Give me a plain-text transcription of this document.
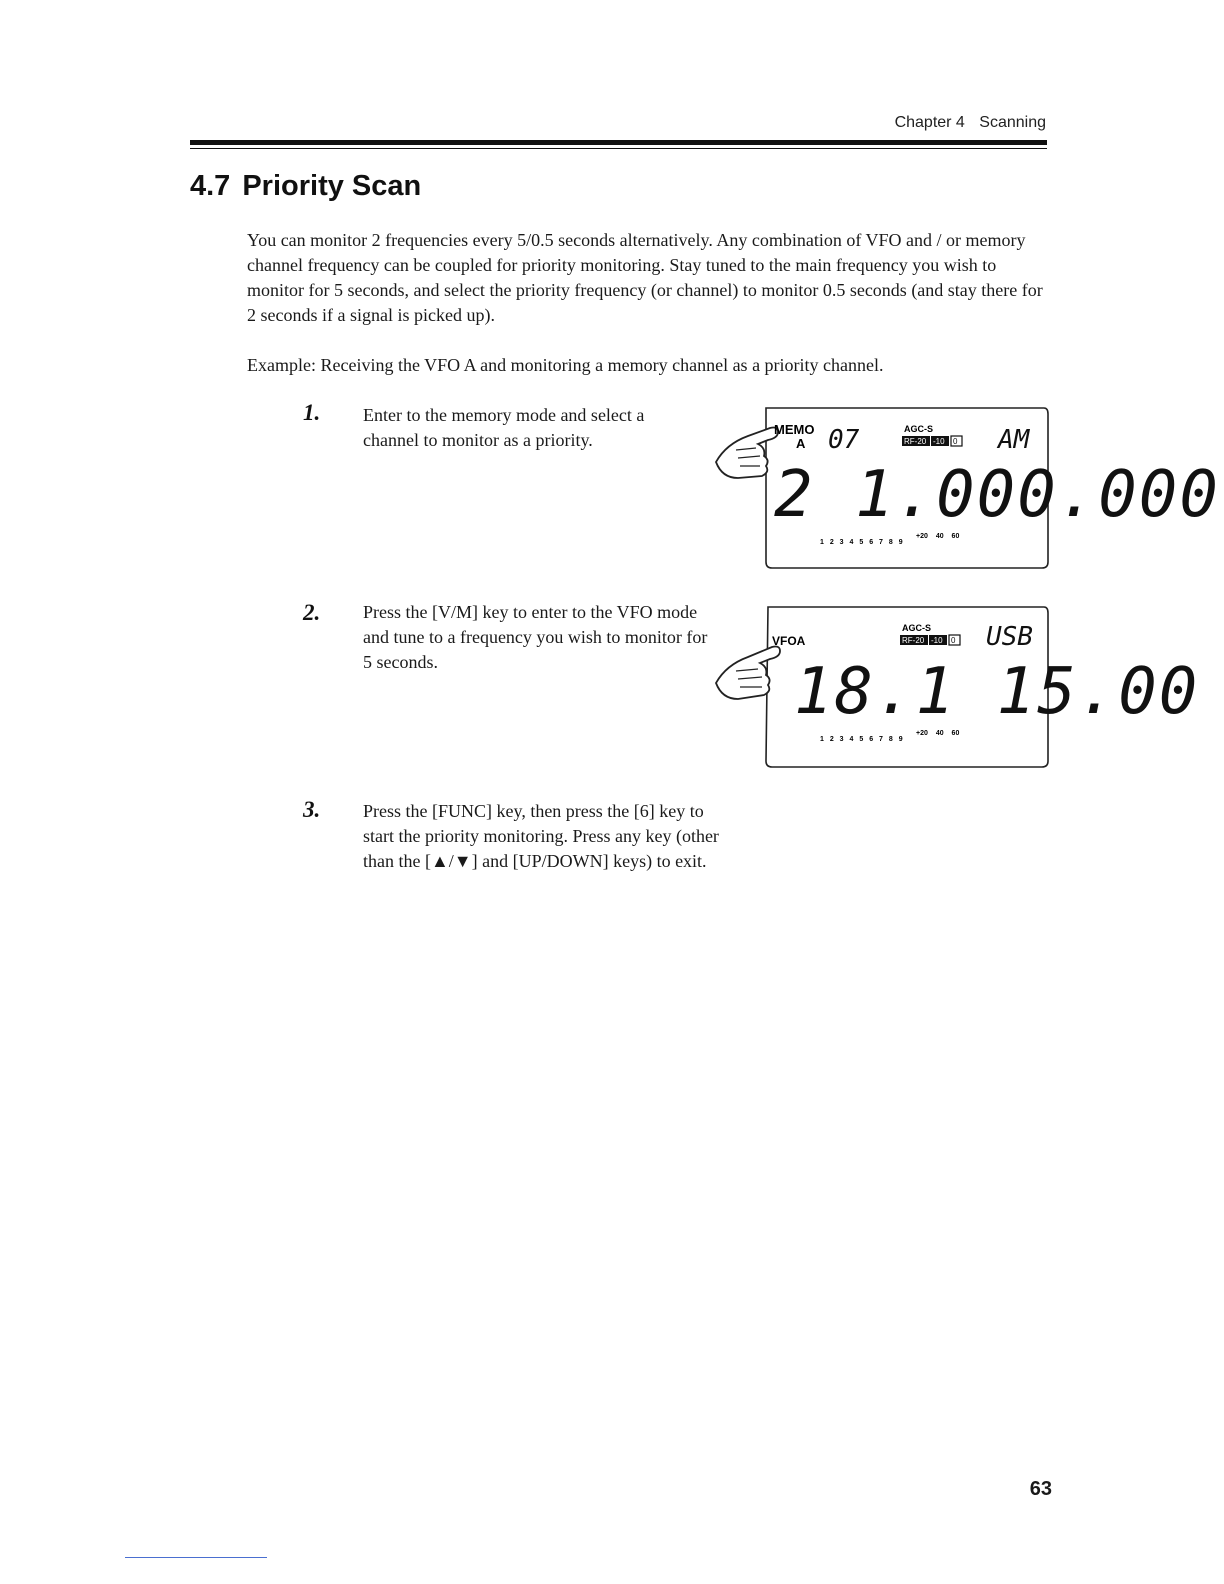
Chapter 4 Scanning
4.7 Priority Scan

You can monitor 2 frequencies every 5/0.5 seconds alternatively. Any combination of VFO and / or memory channel frequency can be coupled for priority monitoring. Stay tuned to the main frequency you wish to monitor for 5 seconds, and select the priority frequency (or channel) to monitor 0.5 seconds (and stay there for 2 seconds if a signal is picked up).

Example: Receiving the VFO A and monitoring a memory channel as a priority channel.

1. Enter to the memory mode and select a channel to monitor as a priority.

2. Press the [V/M] key to enter to the VFO mode and tune to a frequency you wish to monitor for 5 seconds.

3. Press the [FUNC] key, then press the [6] key to start the priority monitoring. Press any key (other than the [▲/▼] and [UP/DOWN] keys) to exit.

MEMO
A 07	AGC-S
RF-20 -10 0 AM
2 1.000.000
1 2 3 4 5 6 7 8 9
+20 40 60
VFOA
AGC-S
RF-20 -10 0 USB
18.1 15.00
1 2 3 4 5 6 7 8 9
+20 40 60
63
